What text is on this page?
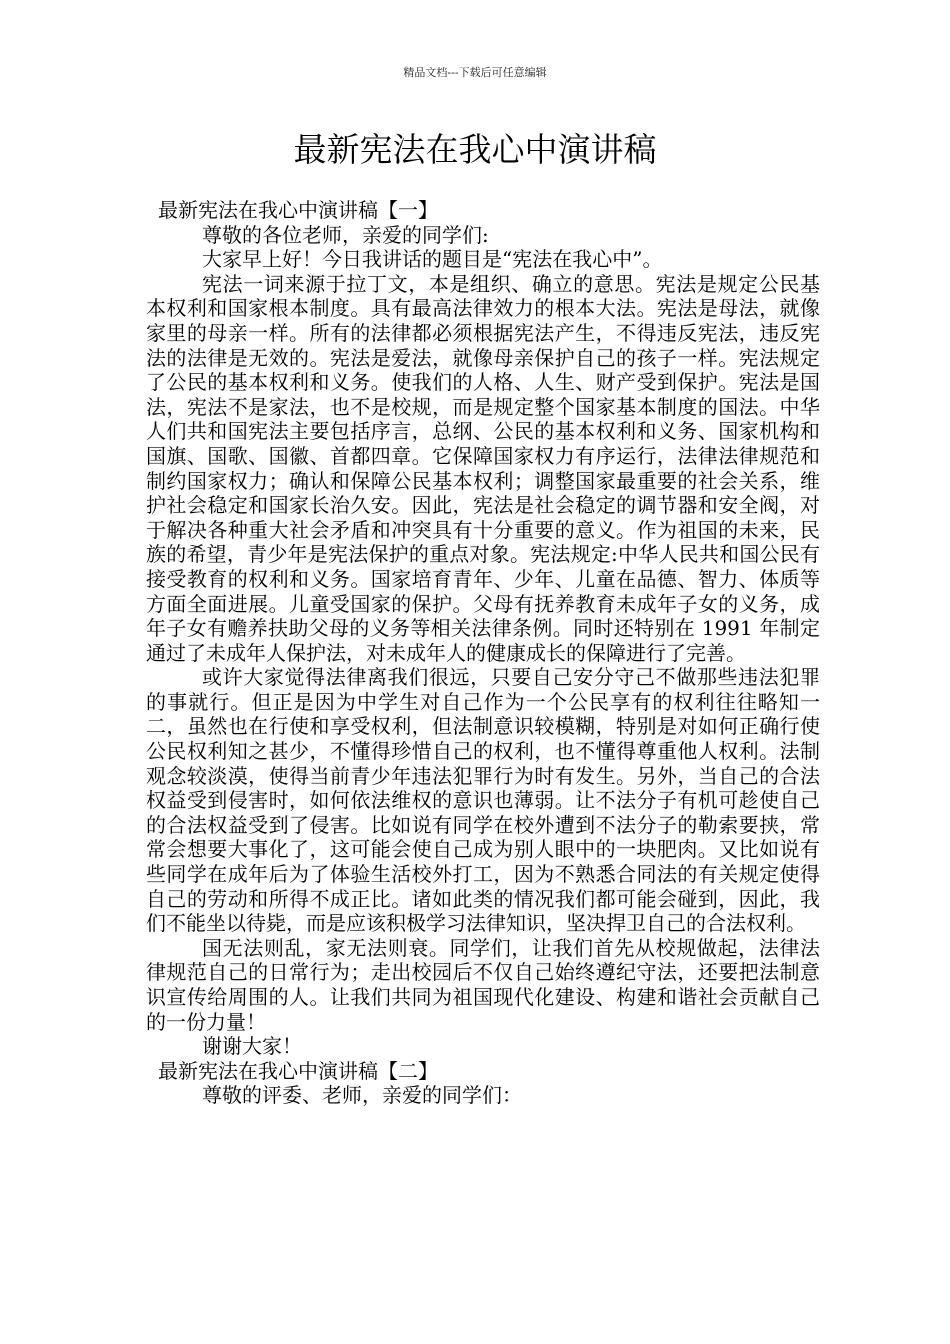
精品文档---下载后可任意编辑
最新宪法在我心中演讲稿

最新宪法在我心中演讲稿【一】

尊敬的各位老师，亲爱的同学们:

大家早上好！今日我讲话的题目是“宪法在我心中”。

宪法一词来源于拉丁文，本是组织、确立的意思。宪法是规定公民基本权利和国家根本制度。具有最高法律效力的根本大法。宪法是母法，就像家里的母亲一样。所有的法律都必须根据宪法产生，不得违反宪法，违反宪法的法律是无效的。宪法是爱法，就像母亲保护自己的孩子一样。宪法规定了公民的基本权利和义务。使我们的人格、人生、财产受到保护。宪法是国法，宪法不是家法，也不是校规，而是规定整个国家基本制度的国法。中华人们共和国宪法主要包括序言，总纲、公民的基本权利和义务、国家机构和国旗、国歌、国徽、首都四章。它保障国家权力有序运行，法律法律规范和制约国家权力；确认和保障公民基本权利；调整国家最重要的社会关系，维护社会稳定和国家长治久安。因此，宪法是社会稳定的调节器和安全阀，对于解决各种重大社会矛盾和冲突具有十分重要的意义。作为祖国的未来，民族的希望，青少年是宪法保护的重点对象。宪法规定:中华人民共和国公民有接受教育的权利和义务。国家培育青年、少年、儿童在品德、智力、体质等方面全面进展。儿童受国家的保护。父母有抚养教育未成年子女的义务，成年子女有赡养扶助父母的义务等相关法律条例。同时还特别在 1991 年制定通过了未成年人保护法，对未成年人的健康成长的保障进行了完善。

或许大家觉得法律离我们很远，只要自己安分守己不做那些违法犯罪的事就行。但正是因为中学生对自己作为一个公民享有的权利往往略知一二，虽然也在行使和享受权利，但法制意识较模糊，特别是对如何正确行使公民权利知之甚少，不懂得珍惜自己的权利，也不懂得尊重他人权利。法制观念较淡漠，使得当前青少年违法犯罪行为时有发生。另外，当自己的合法权益受到侵害时，如何依法维权的意识也薄弱。让不法分子有机可趁使自己的合法权益受到了侵害。比如说有同学在校外遭到不法分子的勒索要挟，常常会想要大事化了，这可能会使自己成为别人眼中的一块肥肉。又比如说有些同学在成年后为了体验生活校外打工，因为不熟悉合同法的有关规定使得自己的劳动和所得不成正比。诸如此类的情况我们都可能会碰到，因此，我们不能坐以待毙，而是应该积极学习法律知识，坚决捍卫自己的合法权利。

国无法则乱，家无法则衰。同学们，让我们首先从校规做起，法律法律规范自己的日常行为；走出校园后不仅自己始终遵纪守法，还要把法制意识宣传给周围的人。让我们共同为祖国现代化建设、构建和谐社会贡献自己的一份力量！

谢谢大家！

最新宪法在我心中演讲稿【二】

尊敬的评委、老师，亲爱的同学们：
